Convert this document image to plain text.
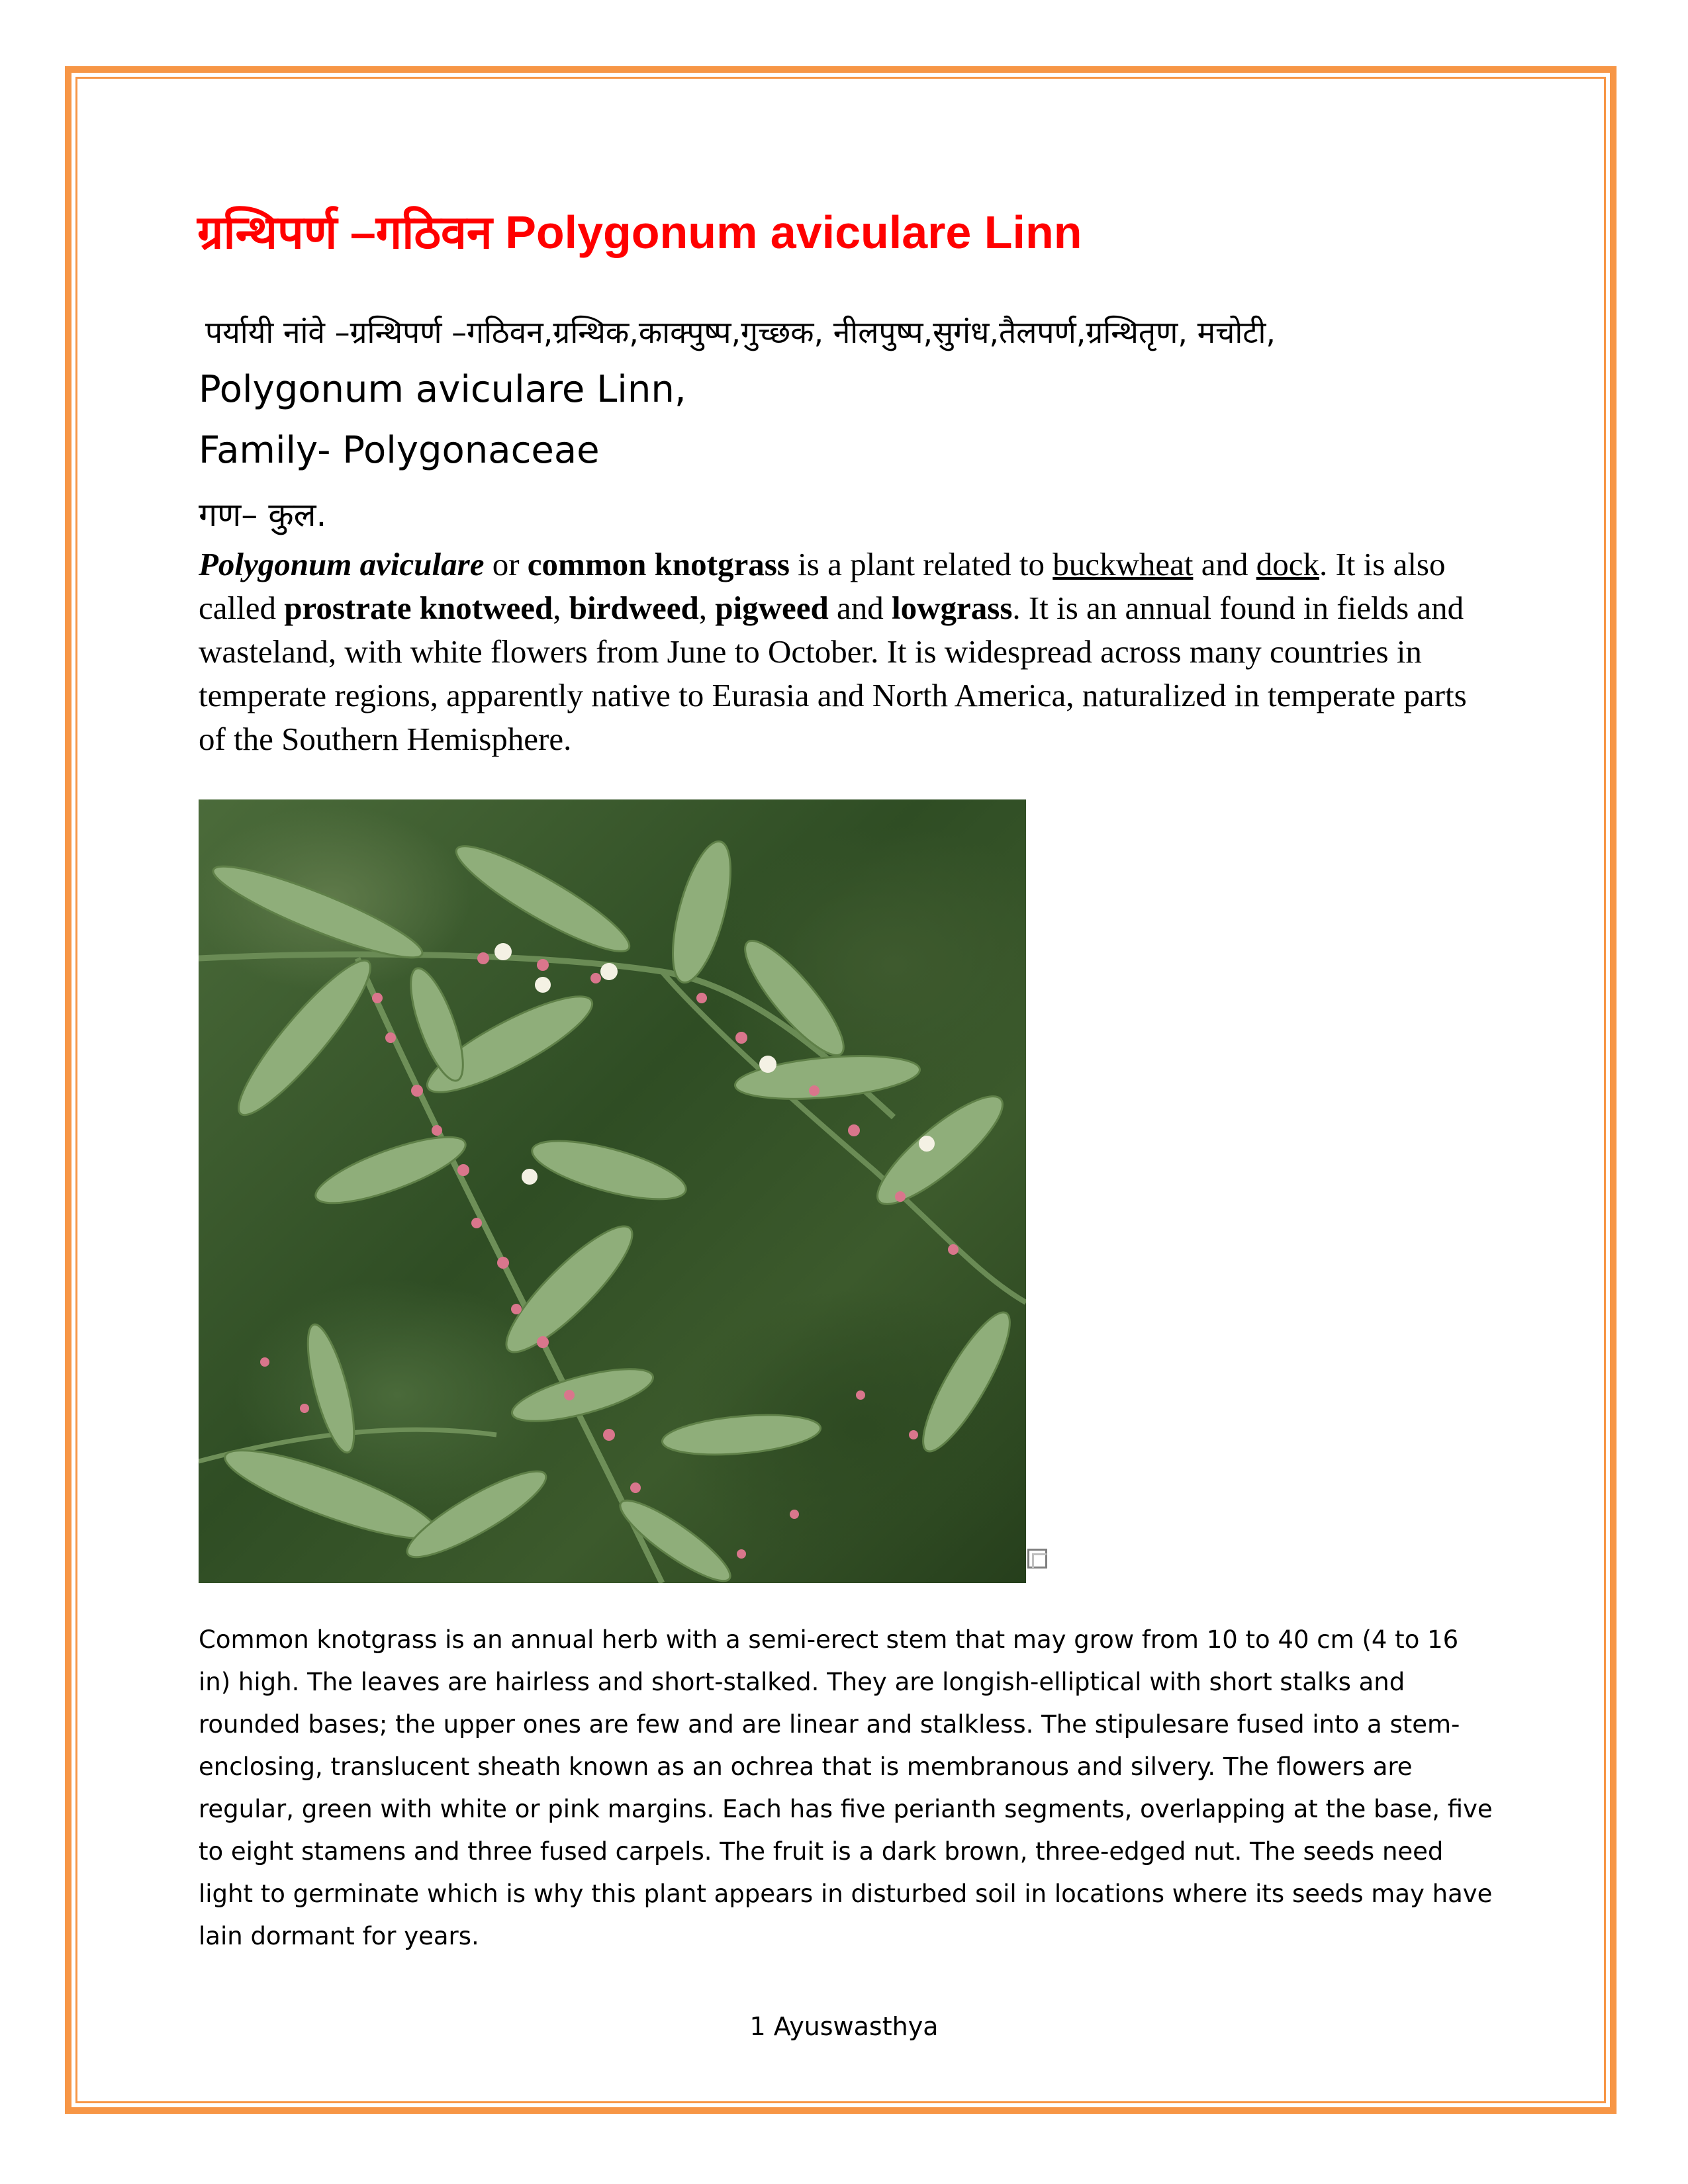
ग्रन्थिपर्ण –गठिवन Polygonum aviculare Linn
पर्यायी नांवे –ग्रन्थिपर्ण –गठिवन,ग्रन्थिक,काक्पुष्प,गुच्छक, नीलपुष्प,सुगंध,तैलपर्ण,ग्रन्थितृण, मचोटी,
Polygonum aviculare Linn,
Family- Polygonaceae
गण– कुल.

Polygonum aviculare or common knotgrass is a plant related to buckwheat and dock. It is also called prostrate knotweed, birdweed, pigweed and lowgrass. It is an annual found in fields and wasteland, with white flowers from June to October. It is widespread across many countries in temperate regions, apparently native to Eurasia and North America, naturalized in temperate parts of the Southern Hemisphere.

Common knotgrass is an annual herb with a semi-erect stem that may grow from 10 to 40 cm (4 to 16 in) high. The leaves are hairless and short-stalked. They are longish-elliptical with short stalks and rounded bases; the upper ones are few and are linear and stalkless. The stipulesare fused into a stem-enclosing, translucent sheath known as an ochrea that is membranous and silvery. The flowers are regular, green with white or pink margins. Each has five perianth segments, overlapping at the base, five to eight stamens and three fused carpels. The fruit is a dark brown, three-edged nut. The seeds need light to germinate which is why this plant appears in disturbed soil in locations where its seeds may have lain dormant for years.

1 Ayuswasthya
